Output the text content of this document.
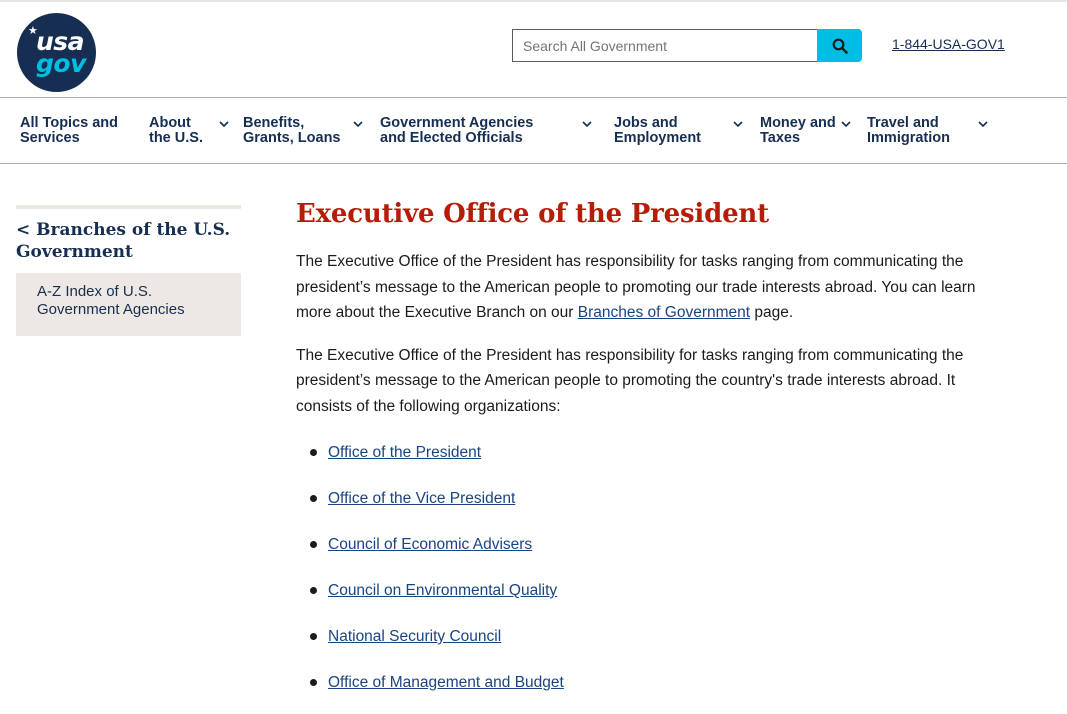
★
usa
gov
Search All Government
1-844-USA-GOV1
All Topics and Services
About the U.S.
Benefits, Grants, Loans
Government Agencies and Elected Officials
Jobs and Employment
Money and Taxes
Travel and Immigration
< Branches of the U.S. Government
A-Z Index of U.S. Government Agencies
Executive Office of the President

The Executive Office of the President has responsibility for tasks ranging from communicating the president’s message to the American people to promoting our trade interests abroad. You can learn more about the Executive Branch on our Branches of Government page.

The Executive Office of the President has responsibility for tasks ranging from communicating the president’s message to the American people to promoting the country's trade interests abroad. It consists of the following organizations:

Office of the President
Office of the Vice President
Council of Economic Advisers
Council on Environmental Quality
National Security Council
Office of Management and Budget
